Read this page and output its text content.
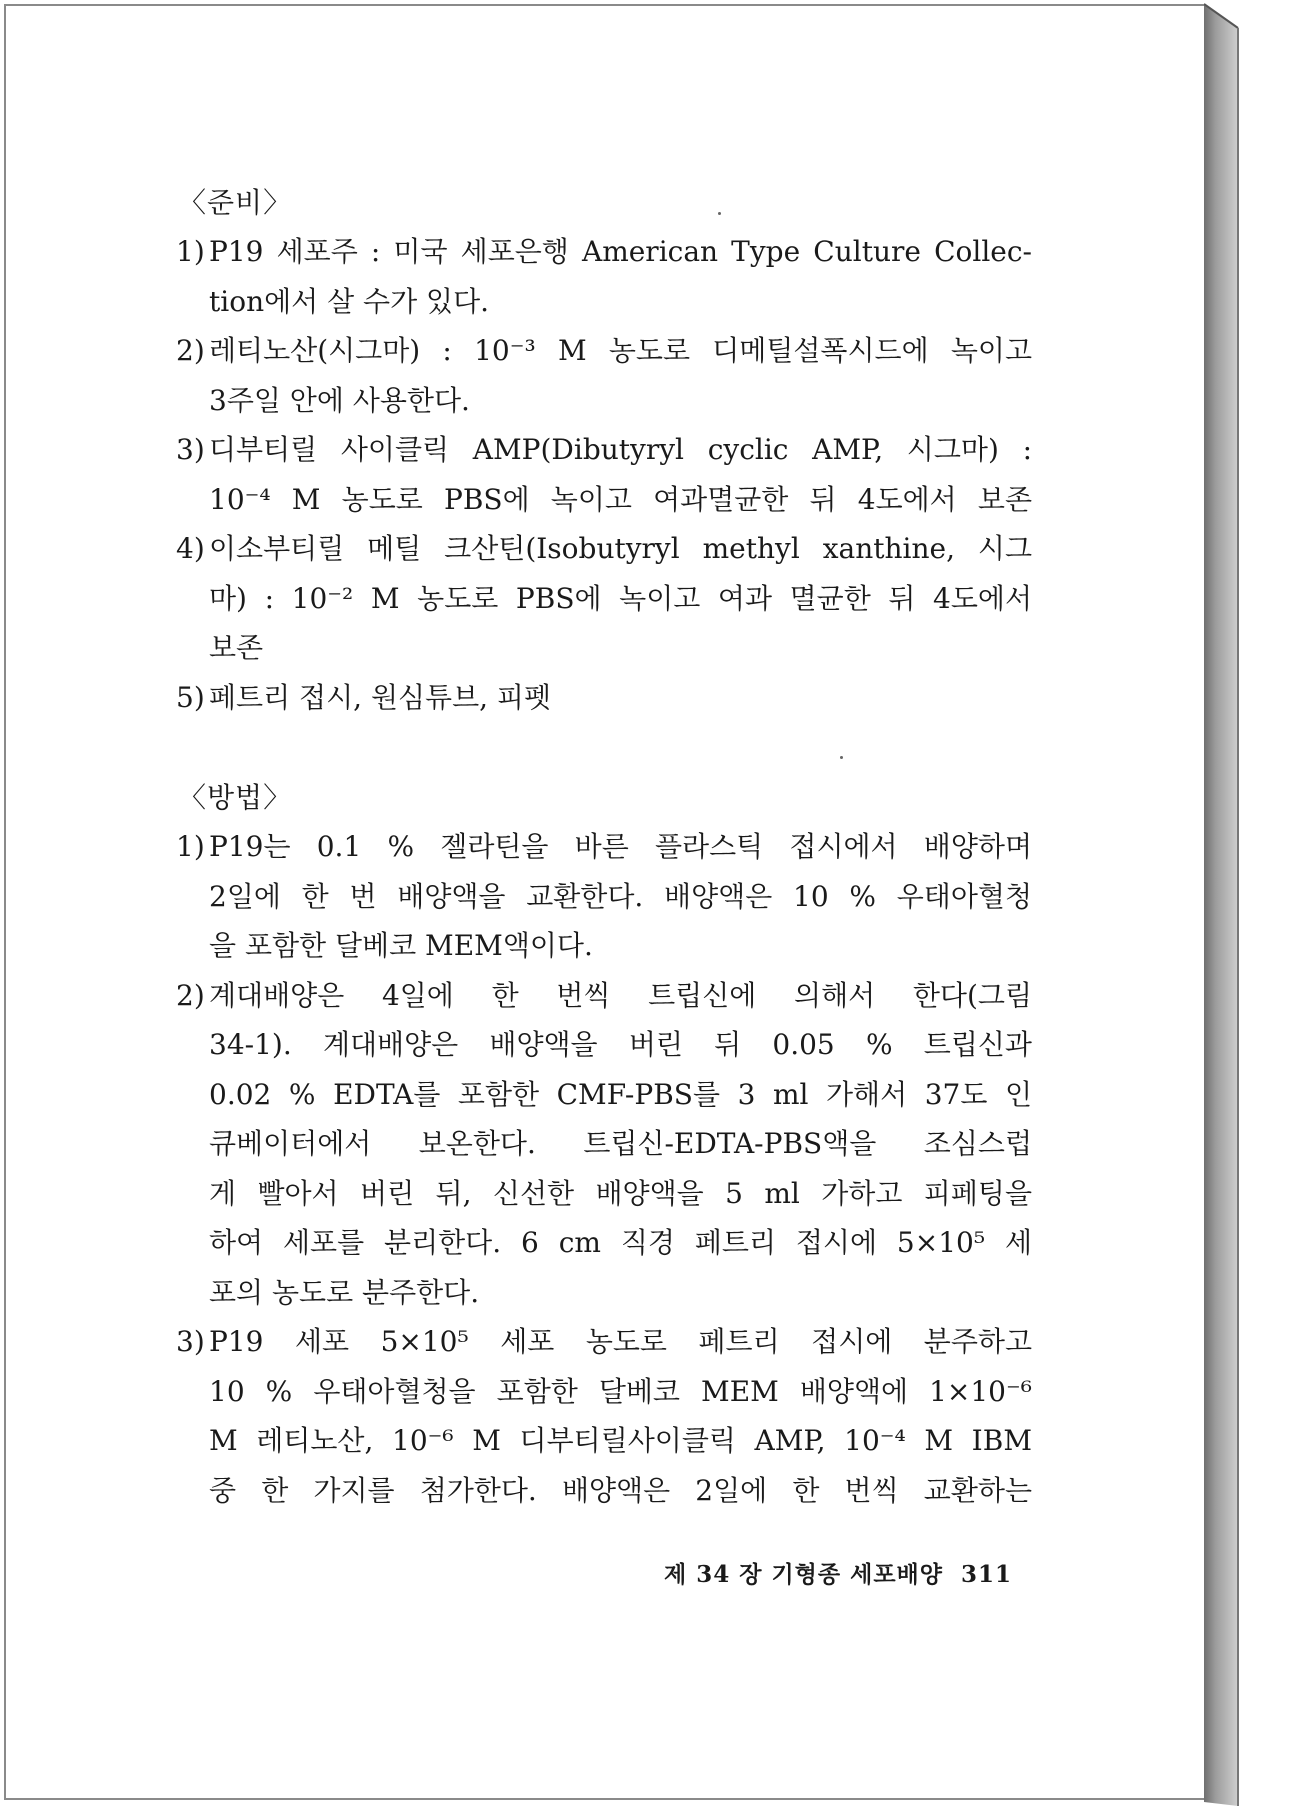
〈준비〉
1) P19 세포주 : 미국 세포은행 American Type Culture Collec-
tion에서 살 수가 있다.
2) 레티노산(시그마) : 10⁻³ M 농도로 디메틸설폭시드에 녹이고
3주일 안에 사용한다.
3) 디부티릴 사이클릭 AMP(Dibutyryl cyclic AMP, 시그마) :
10⁻⁴ M 농도로 PBS에 녹이고 여과멸균한 뒤 4도에서 보존
4) 이소부티릴 메틸 크산틴(Isobutyryl methyl xanthine, 시그
마) : 10⁻² M 농도로 PBS에 녹이고 여과 멸균한 뒤 4도에서
보존
5) 페트리 접시, 원심튜브, 피펫
〈방법〉
1) P19는 0.1 % 젤라틴을 바른 플라스틱 접시에서 배양하며
2일에 한 번 배양액을 교환한다. 배양액은 10 % 우태아혈청
을 포함한 달베코 MEM액이다.
2) 계대배양은 4일에 한 번씩 트립신에 의해서 한다(그림
34-1). 계대배양은 배양액을 버린 뒤 0.05 % 트립신과
0.02 % EDTA를 포함한 CMF-PBS를 3 ml 가해서 37도 인
큐베이터에서 보온한다. 트립신-EDTA-PBS액을 조심스럽
게 빨아서 버린 뒤, 신선한 배양액을 5 ml 가하고 피페팅을
하여 세포를 분리한다. 6 cm 직경 페트리 접시에 5×10⁵ 세
포의 농도로 분주한다.
3) P19 세포 5×10⁵ 세포 농도로 페트리 접시에 분주하고
10 % 우태아혈청을 포함한 달베코 MEM 배양액에 1×10⁻⁶
M 레티노산, 10⁻⁶ M 디부티릴사이클릭 AMP, 10⁻⁴ M IBM
중 한 가지를 첨가한다. 배양액은 2일에 한 번씩 교환하는
제 34 장 기형종 세포배양 311
